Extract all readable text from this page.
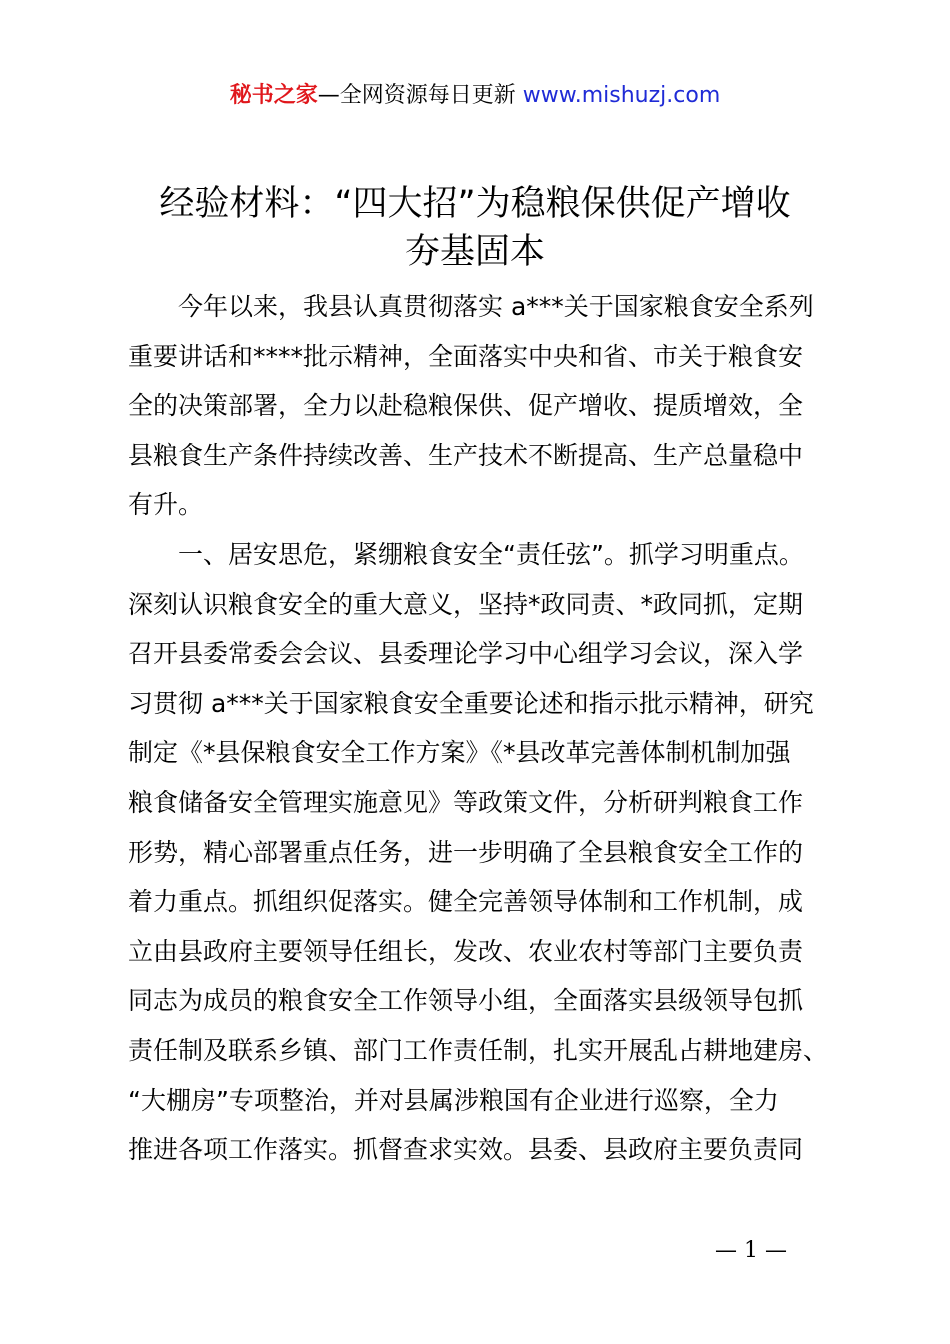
秘书之家—全网资源每日更新 www.mishuzj.com
经验材料：“四大招”为稳粮保供促产增收
夯基固本
今年以来，我县认真贯彻落实 a***关于国家粮食安全系列
重要讲话和****批示精神，全面落实中央和省、市关于粮食安
全的决策部署，全力以赴稳粮保供、促产增收、提质增效，全
县粮食生产条件持续改善、生产技术不断提高、生产总量稳中
有升。
一、居安思危，紧绷粮食安全“责任弦”。抓学习明重点。
深刻认识粮食安全的重大意义，坚持*政同责、*政同抓，定期
召开县委常委会会议、县委理论学习中心组学习会议，深入学
习贯彻 a***关于国家粮食安全重要论述和指示批示精神，研究
制定《*县保粮食安全工作方案》《*县改革完善体制机制加强
粮食储备安全管理实施意见》等政策文件，分析研判粮食工作
形势，精心部署重点任务，进一步明确了全县粮食安全工作的
着力重点。抓组织促落实。健全完善领导体制和工作机制，成
立由县政府主要领导任组长，发改、农业农村等部门主要负责
同志为成员的粮食安全工作领导小组，全面落实县级领导包抓
责任制及联系乡镇、部门工作责任制，扎实开展乱占耕地建房、
“大棚房”专项整治，并对县属涉粮国有企业进行巡察，全力
推进各项工作落实。抓督查求实效。县委、县政府主要负责同
— 1 —
